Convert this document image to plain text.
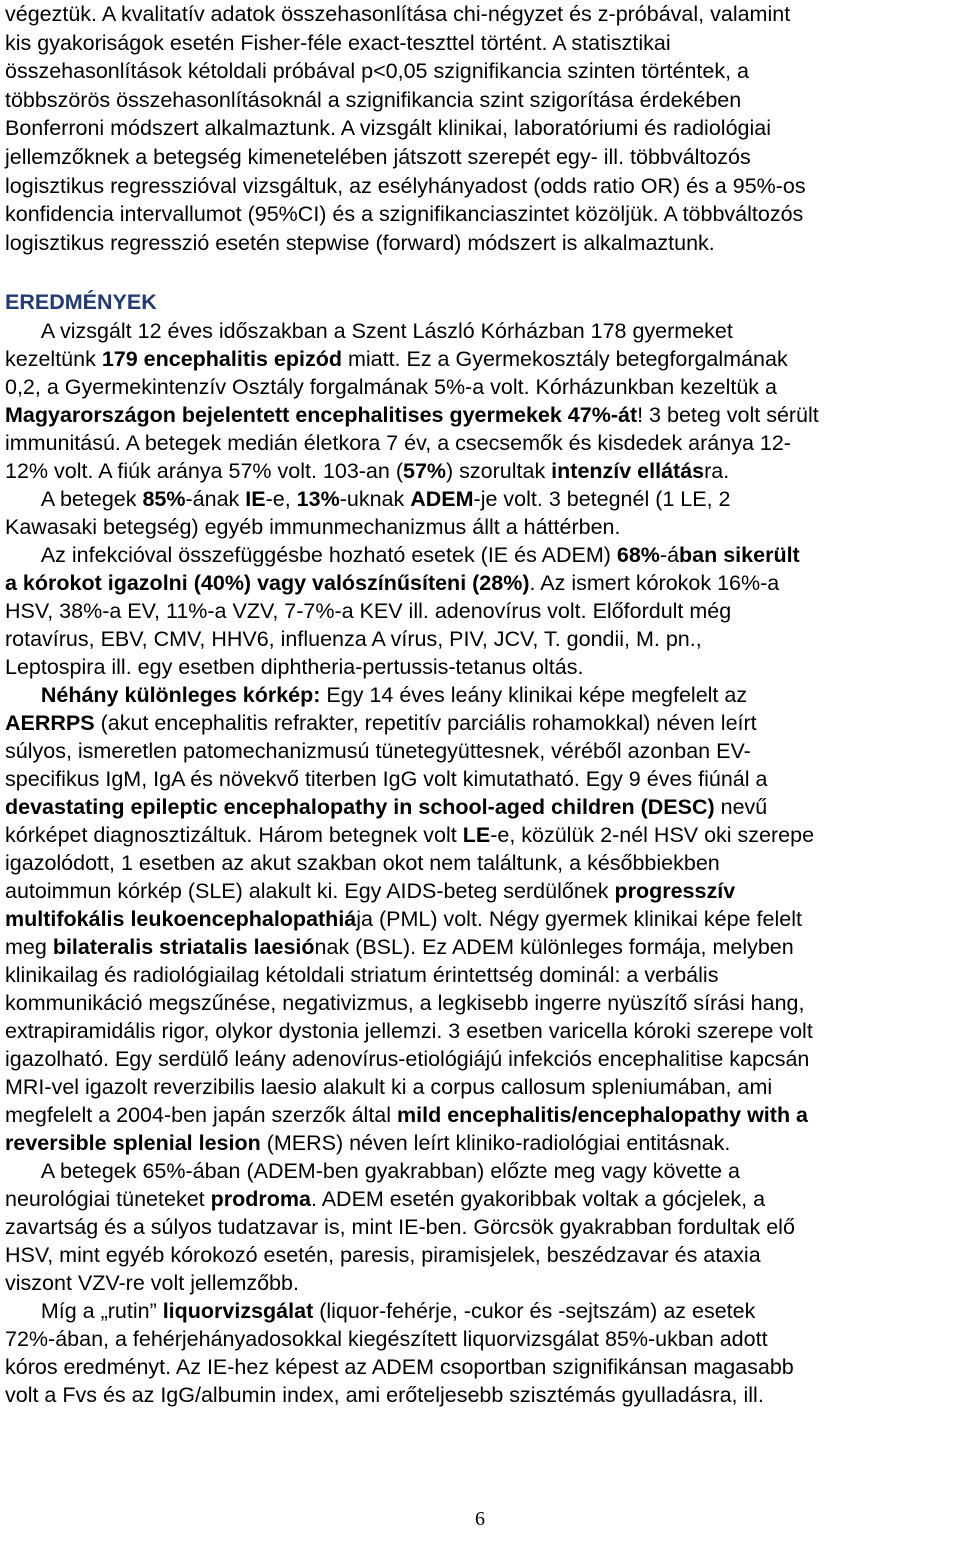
végeztük. A kvalitatív adatok összehasonlítása chi-négyzet és z-próbával, valamint
kis gyakoriságok esetén Fisher-féle exact-teszttel történt. A statisztikai
összehasonlítások kétoldali próbával p<0,05 szignifikancia szinten történtek, a
többszörös összehasonlításoknál a szignifikancia szint szigorítása érdekében
Bonferroni módszert alkalmaztunk. A vizsgált klinikai, laboratóriumi és radiológiai
jellemzőknek a betegség kimenetelében játszott szerepét egy- ill. többváltozós
logisztikus regresszióval vizsgáltuk, az esélyhányadost (odds ratio OR) és a 95%-os
konfidencia intervallumot (95%CI) és a szignifikanciaszintet közöljük. A többváltozós
logisztikus regresszió esetén stepwise (forward) módszert is alkalmaztunk.
EREDMÉNYEK
A vizsgált 12 éves időszakban a Szent László Kórházban 178 gyermeket
kezeltünk 179 encephalitis epizód miatt. Ez a Gyermekosztály betegforgalmának
0,2, a Gyermekintenzív Osztály forgalmának 5%-a volt. Kórházunkban kezeltük a
Magyarországon bejelentett encephalitises gyermekek 47%-át! 3 beteg volt sérült
immunitású. A betegek medián életkora 7 év, a csecsemők és kisdedek aránya 12-
12% volt. A fiúk aránya 57% volt. 103-an (57%) szorultak intenzív ellátásra.
A betegek 85%-ának IE-e, 13%-uknak ADEM-je volt. 3 betegnél (1 LE, 2
Kawasaki betegség) egyéb immunmechanizmus állt a háttérben.
Az infekcióval összefüggésbe hozható esetek (IE és ADEM) 68%-ában sikerült
a kórokot igazolni (40%) vagy valószínűsíteni (28%). Az ismert kórokok 16%-a
HSV, 38%-a EV, 11%-a VZV, 7-7%-a KEV ill. adenovírus volt. Előfordult még
rotavírus, EBV, CMV, HHV6, influenza A vírus, PIV, JCV, T. gondii, M. pn.,
Leptospira ill. egy esetben diphtheria-pertussis-tetanus oltás.
Néhány különleges kórkép: Egy 14 éves leány klinikai képe megfelelt az
AERRPS (akut encephalitis refrakter, repetitív parciális rohamokkal) néven leírt
súlyos, ismeretlen patomechanizmusú tünetegyüttesnek, véréből azonban EV-
specifikus IgM, IgA és növekvő titerben IgG volt kimutatható. Egy 9 éves fiúnál a
devastating epileptic encephalopathy in school-aged children (DESC) nevű
kórképet diagnosztizáltuk. Három betegnek volt LE-e, közülük 2-nél HSV oki szerepe
igazolódott, 1 esetben az akut szakban okot nem találtunk, a későbbiekben
autoimmun kórkép (SLE) alakult ki. Egy AIDS-beteg serdülőnek progresszív
multifokális leukoencephalopathiája (PML) volt. Négy gyermek klinikai képe felelt
meg bilateralis striatalis laesiónak (BSL). Ez ADEM különleges formája, melyben
klinikailag és radiológiailag kétoldali striatum érintettség dominál: a verbális
kommunikáció megszűnése, negativizmus, a legkisebb ingerre nyüszítő sírási hang,
extrapiramidális rigor, olykor dystonia jellemzi. 3 esetben varicella kóroki szerepe volt
igazolható. Egy serdülő leány adenovírus-etiológiájú infekciós encephalitise kapcsán
MRI-vel igazolt reverzibilis laesio alakult ki a corpus callosum spleniumában, ami
megfelelt a 2004-ben japán szerzők által mild encephalitis/encephalopathy with a
reversible splenial lesion (MERS) néven leírt kliniko-radiológiai entitásnak.
A betegek 65%-ában (ADEM-ben gyakrabban) előzte meg vagy követte a
neurológiai tüneteket prodroma. ADEM esetén gyakoribbak voltak a gócjelek, a
zavartság és a súlyos tudatzavar is, mint IE-ben. Görcsök gyakrabban fordultak elő
HSV, mint egyéb kórokozó esetén, paresis, piramisjelek, beszédzavar és ataxia
viszont VZV-re volt jellemzőbb.
Míg a „rutin” liquorvizsgálat (liquor-fehérje, -cukor és -sejtszám) az esetek
72%-ában, a fehérjehányadosokkal kiegészített liquorvizsgálat 85%-ukban adott
kóros eredményt. Az IE-hez képest az ADEM csoportban szignifikánsan magasabb
volt a Fvs és az IgG/albumin index, ami erőteljesebb szisztémás gyulladásra, ill.
6
